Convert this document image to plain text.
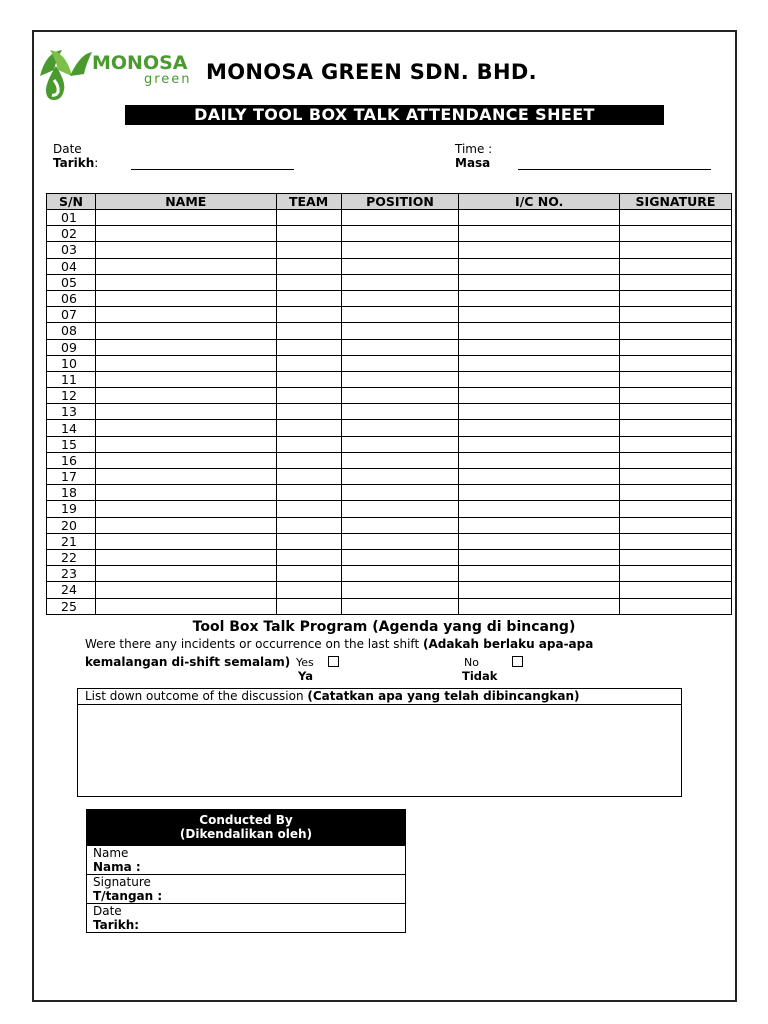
MONOSA
green MONOSA GREEN SDN. BHD.
DAILY TOOL BOX TALK ATTENDANCE SHEET
Date
Tarikh:
Time :
Masa
S/N	NAME	TEAM	POSITION	I/C NO.	SIGNATURE
01					
02					
03					
04					
05					
06					
07					
08					
09					
10					
11					
12					
13					
14					
15					
16					
17					
18					
19					
20					
21					
22					
23					
24					
25					
Tool Box Talk Program (Agenda yang di bincang)
Were there any incidents or occurrence on the last shift (Adakah berlaku apa-apa
kemalangan di-shift semalam) Yes
Ya
No
Tidak
List down outcome of the discussion (Catatkan apa yang telah dibincangkan)
Conducted By
(Dikendalikan oleh)
Name
Nama :
Signature
T/tangan :
Date
Tarikh:
